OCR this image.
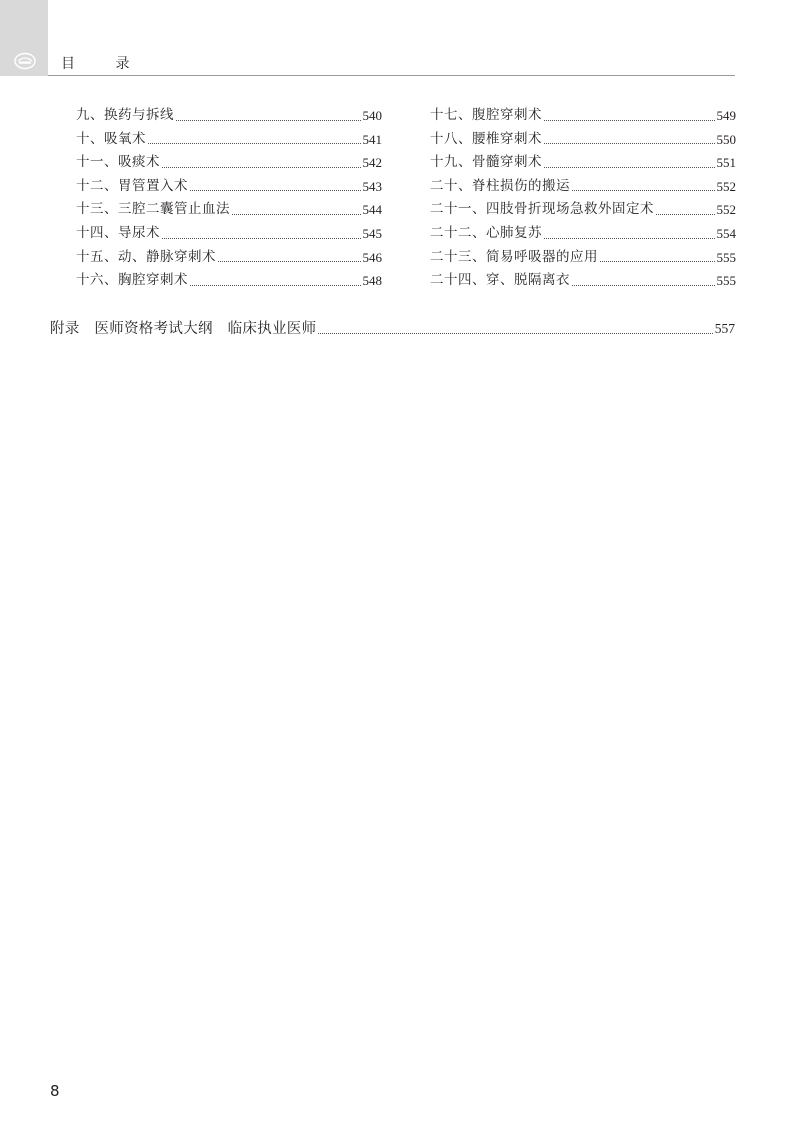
目 录
九、换药与拆线	540
十、吸氧术	541
十一、吸痰术	542
十二、胃管置入术	543
十三、三腔二囊管止血法	544
十四、导尿术	545
十五、动、静脉穿刺术	546
十六、胸腔穿刺术	548
十七、腹腔穿刺术	549
十八、腰椎穿刺术	550
十九、骨髓穿刺术	551
二十、脊柱损伤的搬运	552
二十一、四肢骨折现场急救外固定术	552
二十二、心肺复苏	554
二十三、简易呼吸器的应用	555
二十四、穿、脱隔离衣	555
附录　医师资格考试大纲　临床执业医师	557
8
